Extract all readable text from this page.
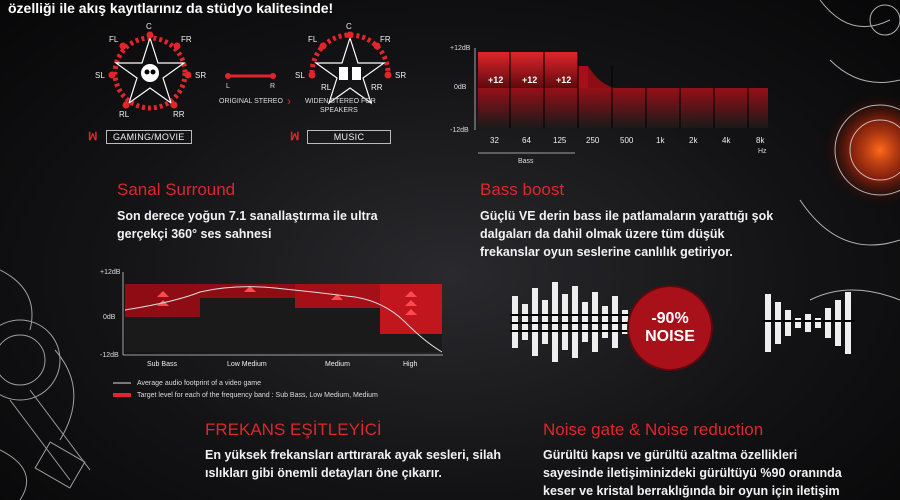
özelliği ile akış kayıtlarınız da stüdyo kalitesinde!
C
FL	FR
SL	SR
RL	RR
L	R
ORIGINAL STEREO ›
C
FL	FR
SL	SR
RL	RR
WIDEN STEREO FOR
SPEAKERS
ꟽ	GAMING/MOVIE	ꟽ	MUSIC
+12dB
0dB
-12dB
+12 +12 +12
32	64	125 250	500	1k	2k	4k	8k
Bass
Hz
Sanal Surround
Son derece yoğun 7.1 sanallaştırma ile ultra
gerçekçi 360° ses sahnesi
Bass boost
Güçlü VE derin bass ile patlamaların yarattığı şok
dalgaları da dahil olmak üzere tüm düşük
frekanslar oyun seslerine canlılık getiriyor.
+12dB
0dB
-12dB
Sub Bass	Low Medium	Medium	High
Average audio footprint of a video game
Target level for each of the frequency band : Sub Bass, Low Medium, Medium
-90%
NOISE
FREKANS EŞİTLEYİCİ
En yüksek frekansları arttırarak ayak sesleri, silah
ıslıkları gibi önemli detayları öne çıkarır.
Noise gate & Noise reduction
Gürültü kapsı ve gürültü azaltma özellikleri
sayesinde iletişiminizdeki gürültüyü %90 oranında
keser ve kristal berraklığında bir oyun için iletişim
